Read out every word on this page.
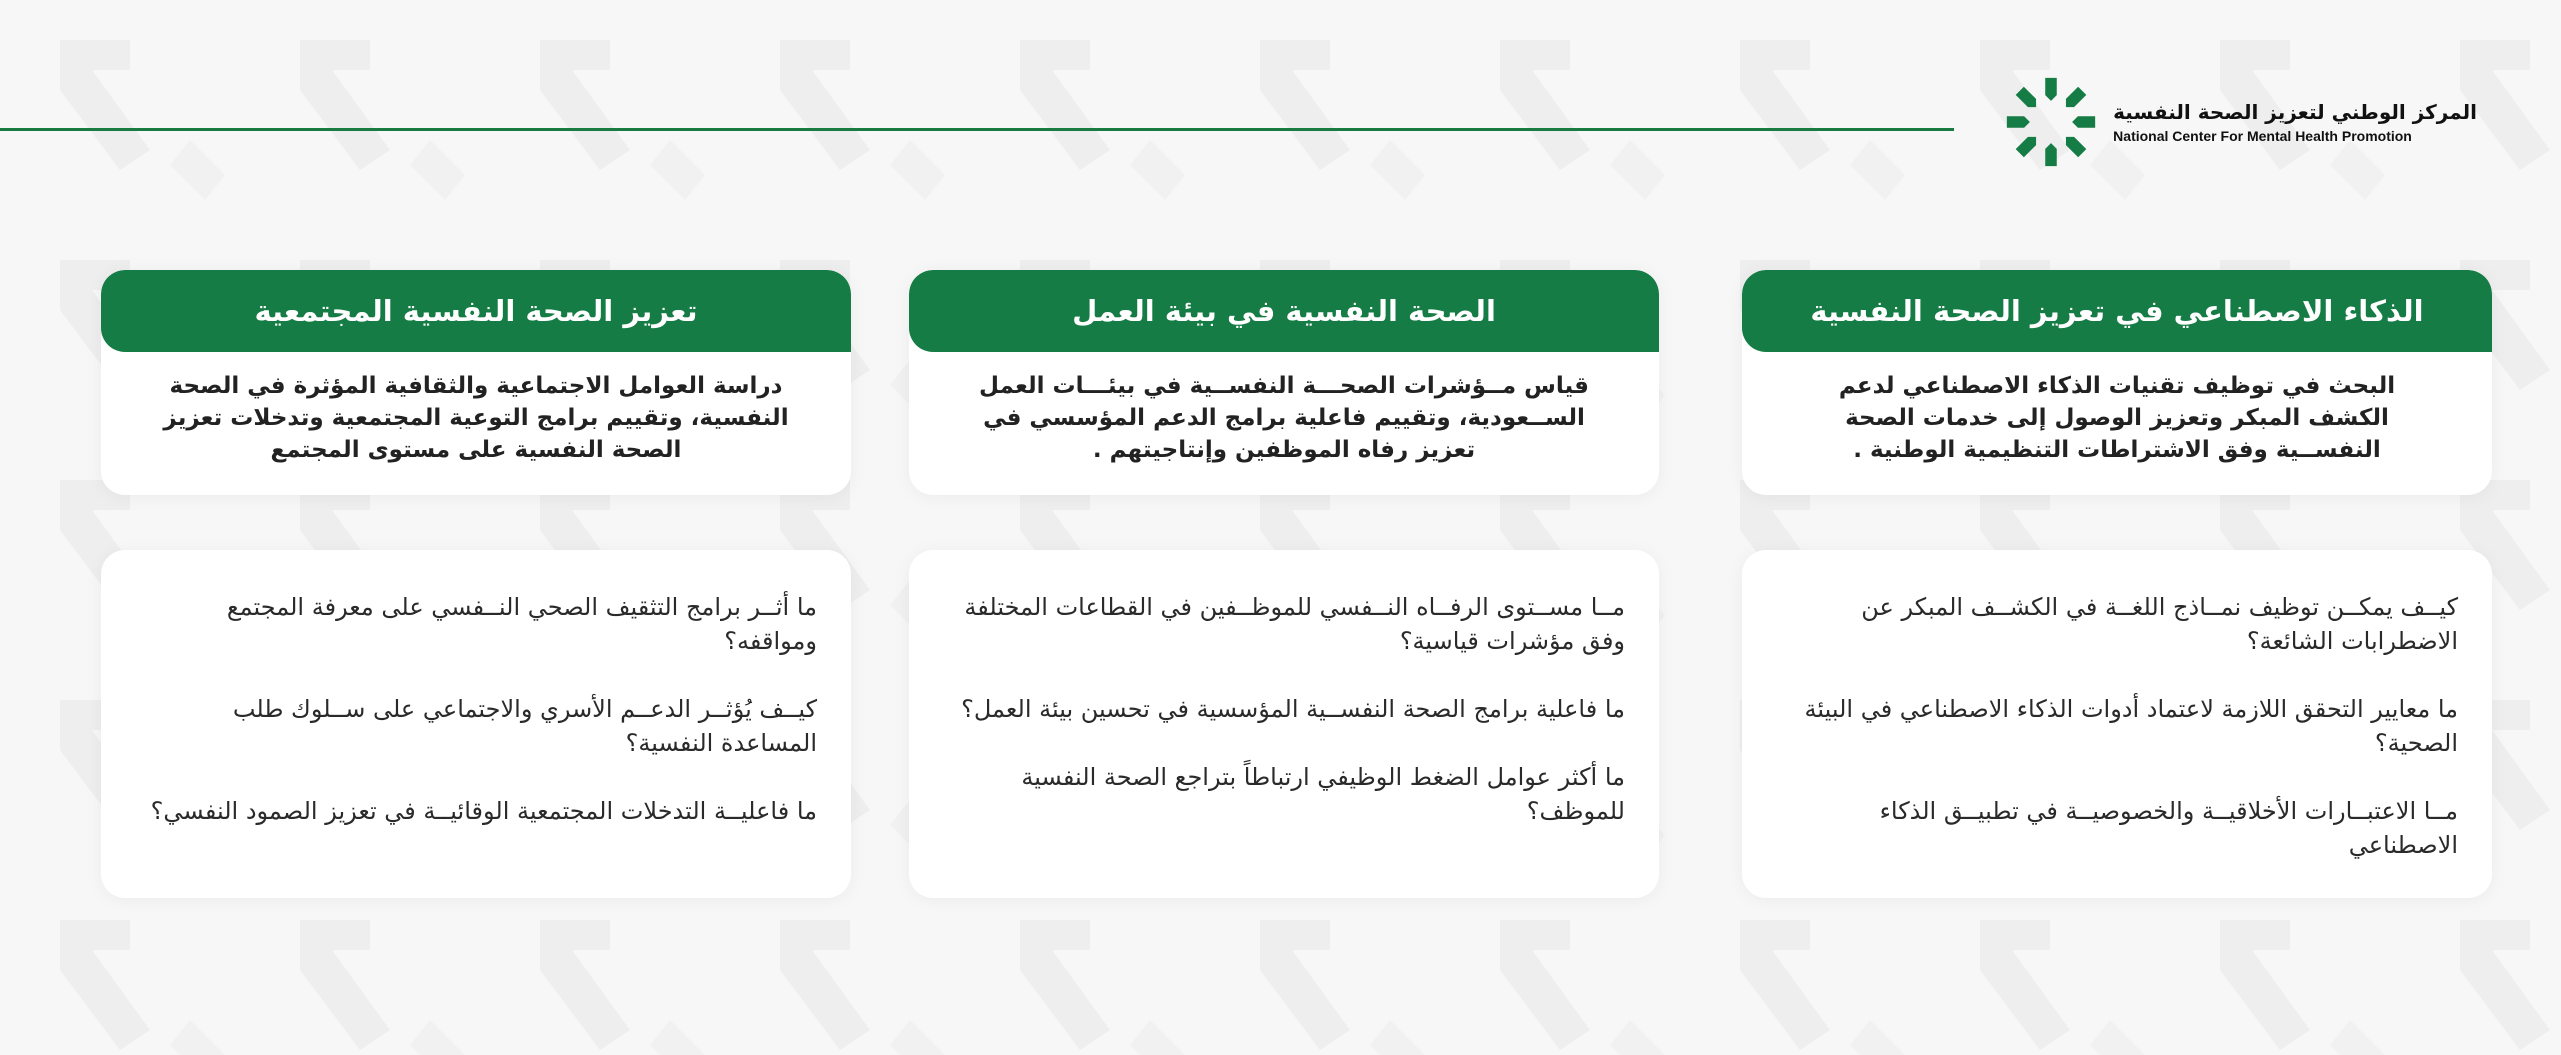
المركز الوطني لتعزيز الصحة النفسية
National Center For Mental Health Promotion
الذكاء الاصطناعي في تعزيز الصحة النفسية
البحث في توظيف تقنيات الذكاء الاصطناعي لدعم الكشف المبكر وتعزيز الوصول إلى خدمات الصحة النفســية وفق الاشتراطات التنظيمية الوطنية .
كيــف يمكــن توظيف نمــاذج اللغــة في الكشــف المبكر عن الاضطرابات الشائعة؟
ما معايير التحقق اللازمة لاعتماد أدوات الذكاء الاصطناعي في البيئة الصحية؟
مــا الاعتبــارات الأخلاقيــة والخصوصيــة في تطبيــق الذكاء الاصطناعي
الصحة النفسية في بيئة العمل
قياس مــؤشرات الصحـــة النفســية في بيئـــات العمل الســعودية، وتقييم فاعلية برامج الدعم المؤسسي في تعزيز رفاه الموظفين وإنتاجيتهم .
مــا مســتوى الرفــاه النــفسي للموظــفين في القطاعات المختلفة وفق مؤشرات قياسية؟
ما فاعلية برامج الصحة النفســية المؤسسية في تحسين بيئة العمل؟
ما أكثر عوامل الضغط الوظيفي ارتباطاً بتراجع الصحة النفسية للموظف؟
تعزيز الصحة النفسية المجتمعية
دراسة العوامل الاجتماعية والثقافية المؤثرة في الصحة النفسية، وتقييم برامج التوعية المجتمعية وتدخلات تعزيز الصحة النفسية على مستوى المجتمع
ما أثــر برامج التثقيف الصحي النــفسي على معرفة المجتمع ومواقفه؟
كيــف يُؤثــر الدعــم الأسري والاجتماعي على ســلوك طلب المساعدة النفسية؟
ما فاعليــة التدخلات المجتمعية الوقائيــة في تعزيز الصمود النفسي؟
